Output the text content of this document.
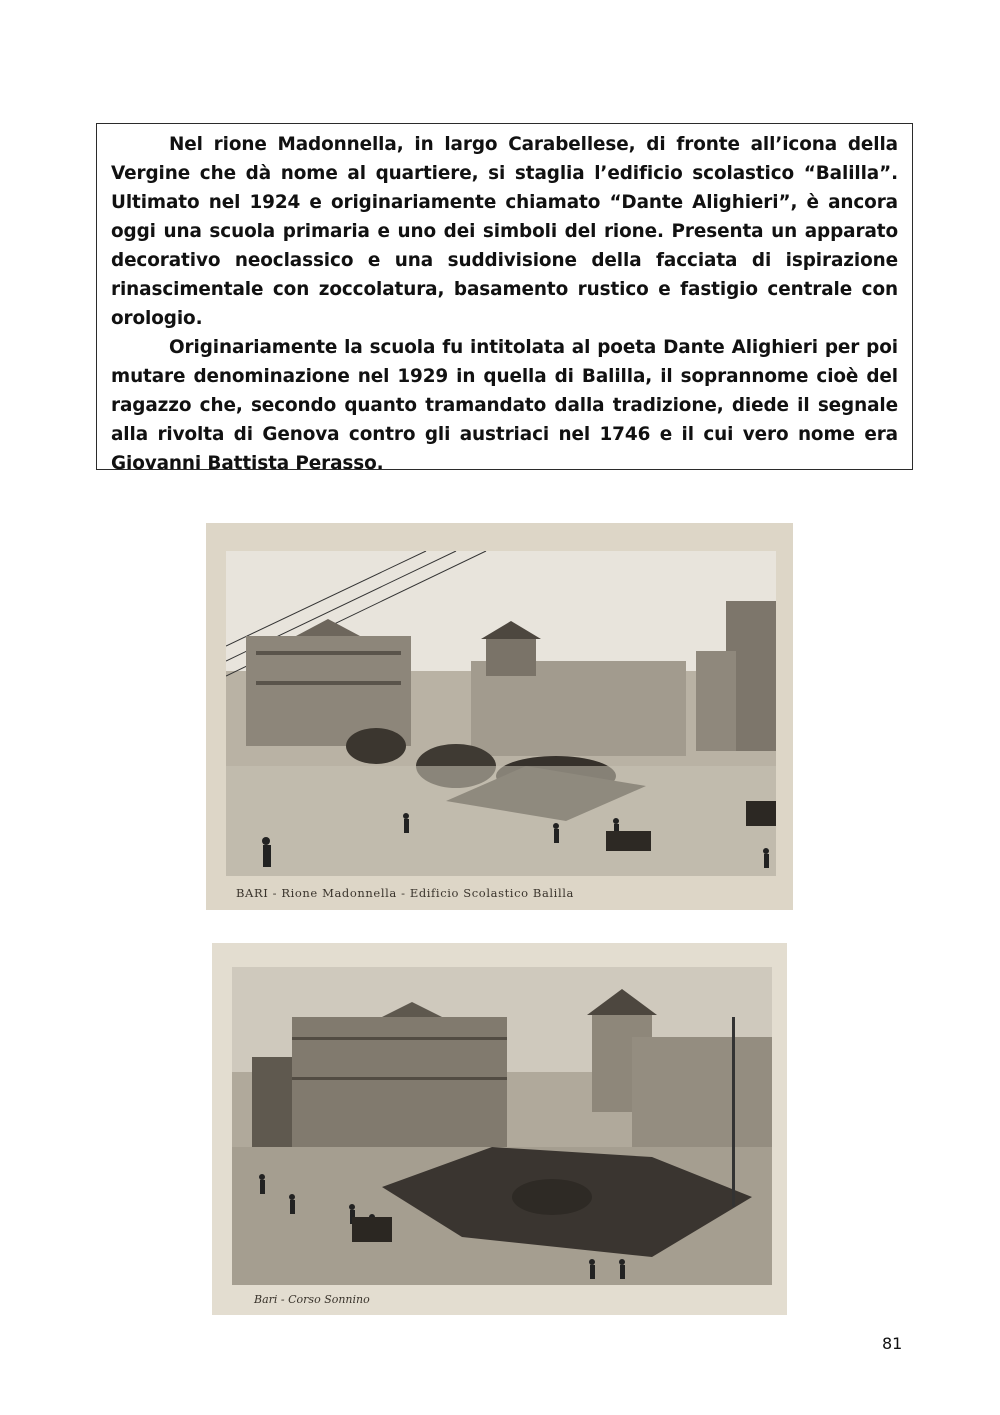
Nel rione Madonnella, in largo Carabellese, di fronte all’icona della Vergine che dà nome al quartiere, si staglia l’edificio scolastico “Balilla”. Ultimato nel 1924 e originariamente chiamato “Dante Alighieri”, è ancora oggi una scuola primaria e uno dei simboli del rione. Presenta un apparato decorativo neoclassico e una suddivisione della facciata di ispirazione rinascimentale con zoccolatura, basamento rustico e fastigio centrale con orologio.

Originariamente la scuola fu intitolata al poeta Dante Alighieri per poi mutare denominazione nel 1929 in quella di Balilla, il soprannome cioè del ragazzo che, secondo quanto tramandato dalla tradizione, diede il segnale alla rivolta di Genova contro gli austriaci nel 1746 e il cui vero nome era Giovanni Battista Perasso.

BARI - Rione Madonnella - Edificio Scolastico Balilla
Bari - Corso Sonnino
81
